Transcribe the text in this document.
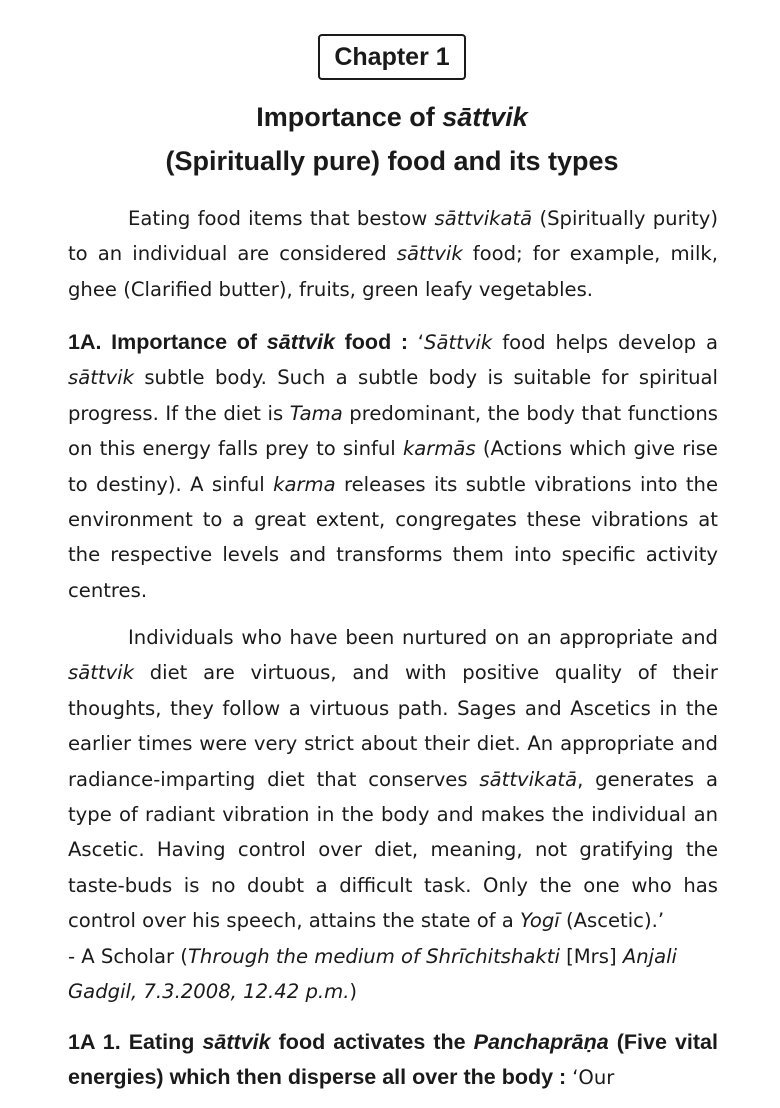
Chapter 1
Importance of sāttvik
(Spiritually pure) food and its types

Eating food items that bestow sāttvikatā (Spiritually purity) to an individual are considered sāttvik food; for example, milk, ghee (Clarified butter), fruits, green leafy vegetables.

1A. Importance of sāttvik food : ‘Sāttvik food helps develop a sāttvik subtle body. Such a subtle body is suitable for spiritual progress. If the diet is Tama predominant, the body that functions on this energy falls prey to sinful karmās (Actions which give rise to destiny). A sinful karma releases its subtle vibrations into the environment to a great extent, congregates these vibrations at the respective levels and transforms them into specific activity centres.

Individuals who have been nurtured on an appropriate and sāttvik diet are virtuous, and with positive quality of their thoughts, they follow a virtuous path. Sages and Ascetics in the earlier times were very strict about their diet. An appropriate and radiance-imparting diet that conserves sāttvikatā, generates a type of radiant vibration in the body and makes the individual an Ascetic. Having control over diet, meaning, not gratifying the taste-buds is no doubt a difficult task. Only the one who has control over his speech, attains the state of a Yogī (Ascetic).’
- A Scholar (Through the medium of Shrīchitshakti [Mrs] Anjali Gadgil, 7.3.2008, 12.42 p.m.)

1A 1. Eating sāttvik food activates the Panchaprāṇa (Five vital energies) which then disperse all over the body : ‘Our
